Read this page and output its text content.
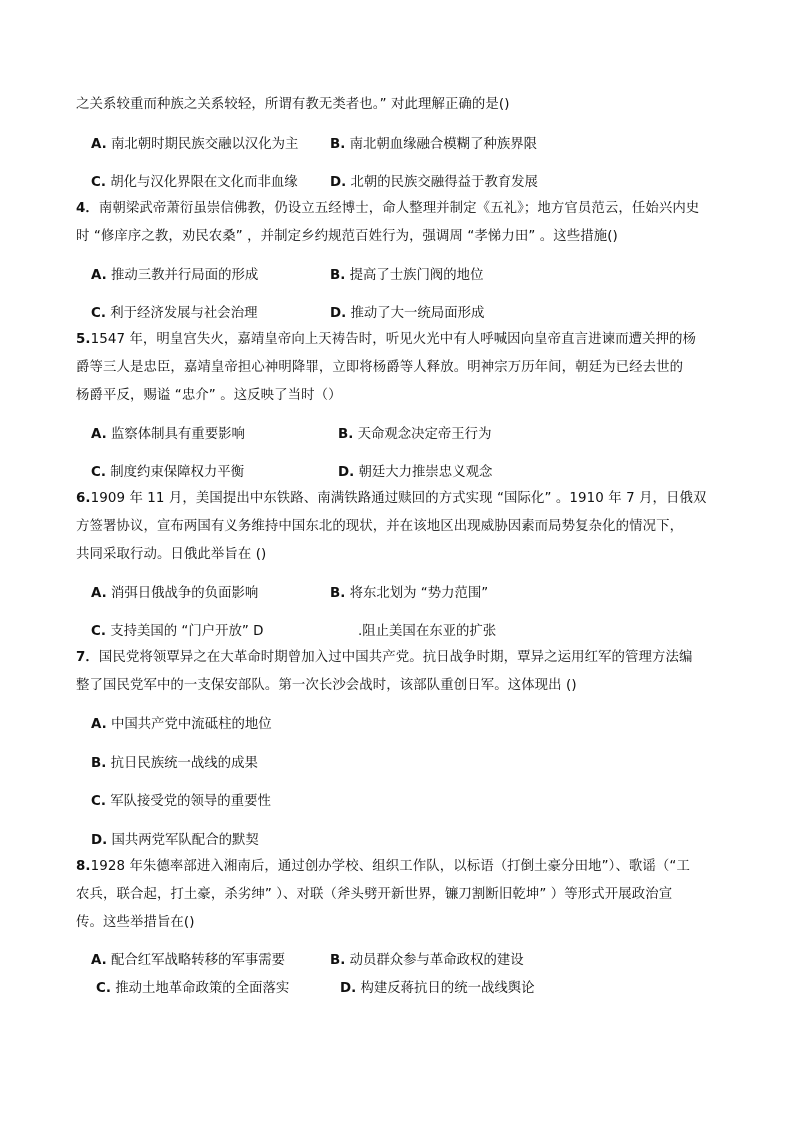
之关系较重而种族之关系较轻，所谓有教无类者也。” 对此理解正确的是()
A. 南北朝时期民族交融以汉化为主 B. 南北朝血缘融合模糊了种族界限
C. 胡化与汉化界限在文化而非血缘 D. 北朝的民族交融得益于教育发展
4．南朝梁武帝萧衍虽崇信佛教，仍设立五经博士，命人整理并制定《五礼》；地方官员范云，任始兴内史
时 “修庠序之教，劝民农桑” ，并制定乡约规范百姓行为，强调周 “孝悌力田” 。这些措施()
A. 推动三教并行局面的形成	B. 提高了士族门阀的地位
C. 利于经济发展与社会治理	D. 推动了大一统局面形成
5.1547 年，明皇宫失火，嘉靖皇帝向上天祷告时，听见火光中有人呼喊因向皇帝直言进谏而遭关押的杨
爵等三人是忠臣，嘉靖皇帝担心神明降罪，立即将杨爵等人释放。明神宗万历年间，朝廷为已经去世的
杨爵平反，赐谥 “忠介” 。这反映了当时（）
A. 监察体制具有重要影响	B. 天命观念决定帝王行为
C. 制度约束保障权力平衡	D. 朝廷大力推崇忠义观念
6.1909 年 11 月，美国提出中东铁路、南满铁路通过赎回的方式实现 “国际化” 。1910 年 7 月，日俄双
方签署协议，宣布两国有义务维持中国东北的现状，并在该地区出现威胁因素而局势复杂化的情况下，
共同采取行动。日俄此举旨在 ()
A. 消弭日俄战争的负面影响	B. 将东北划为 “势力范围”
C. 支持美国的 “门户开放” D	.阻止美国在东亚的扩张
7．国民党将领覃异之在大革命时期曾加入过中国共产党。抗日战争时期，覃异之运用红军的管理方法编
整了国民党军中的一支保安部队。第一次长沙会战时，该部队重创日军。这体现出 ()
A. 中国共产党中流砥柱的地位
B. 抗日民族统一战线的成果
C. 军队接受党的领导的重要性
D. 国共两党军队配合的默契
8.1928 年朱德率部进入湘南后，通过创办学校、组织工作队，以标语（打倒土豪分田地”）、歌谣（“工
农兵，联合起，打土豪，杀劣绅” ）、对联（斧头劈开新世界，镰刀割断旧乾坤” ）等形式开展政治宣
传。这些举措旨在()
A. 配合红军战略转移的军事需要	B. 动员群众参与革命政权的建设
C. 推动土地革命政策的全面落实	D. 构建反蒋抗日的统一战线舆论
